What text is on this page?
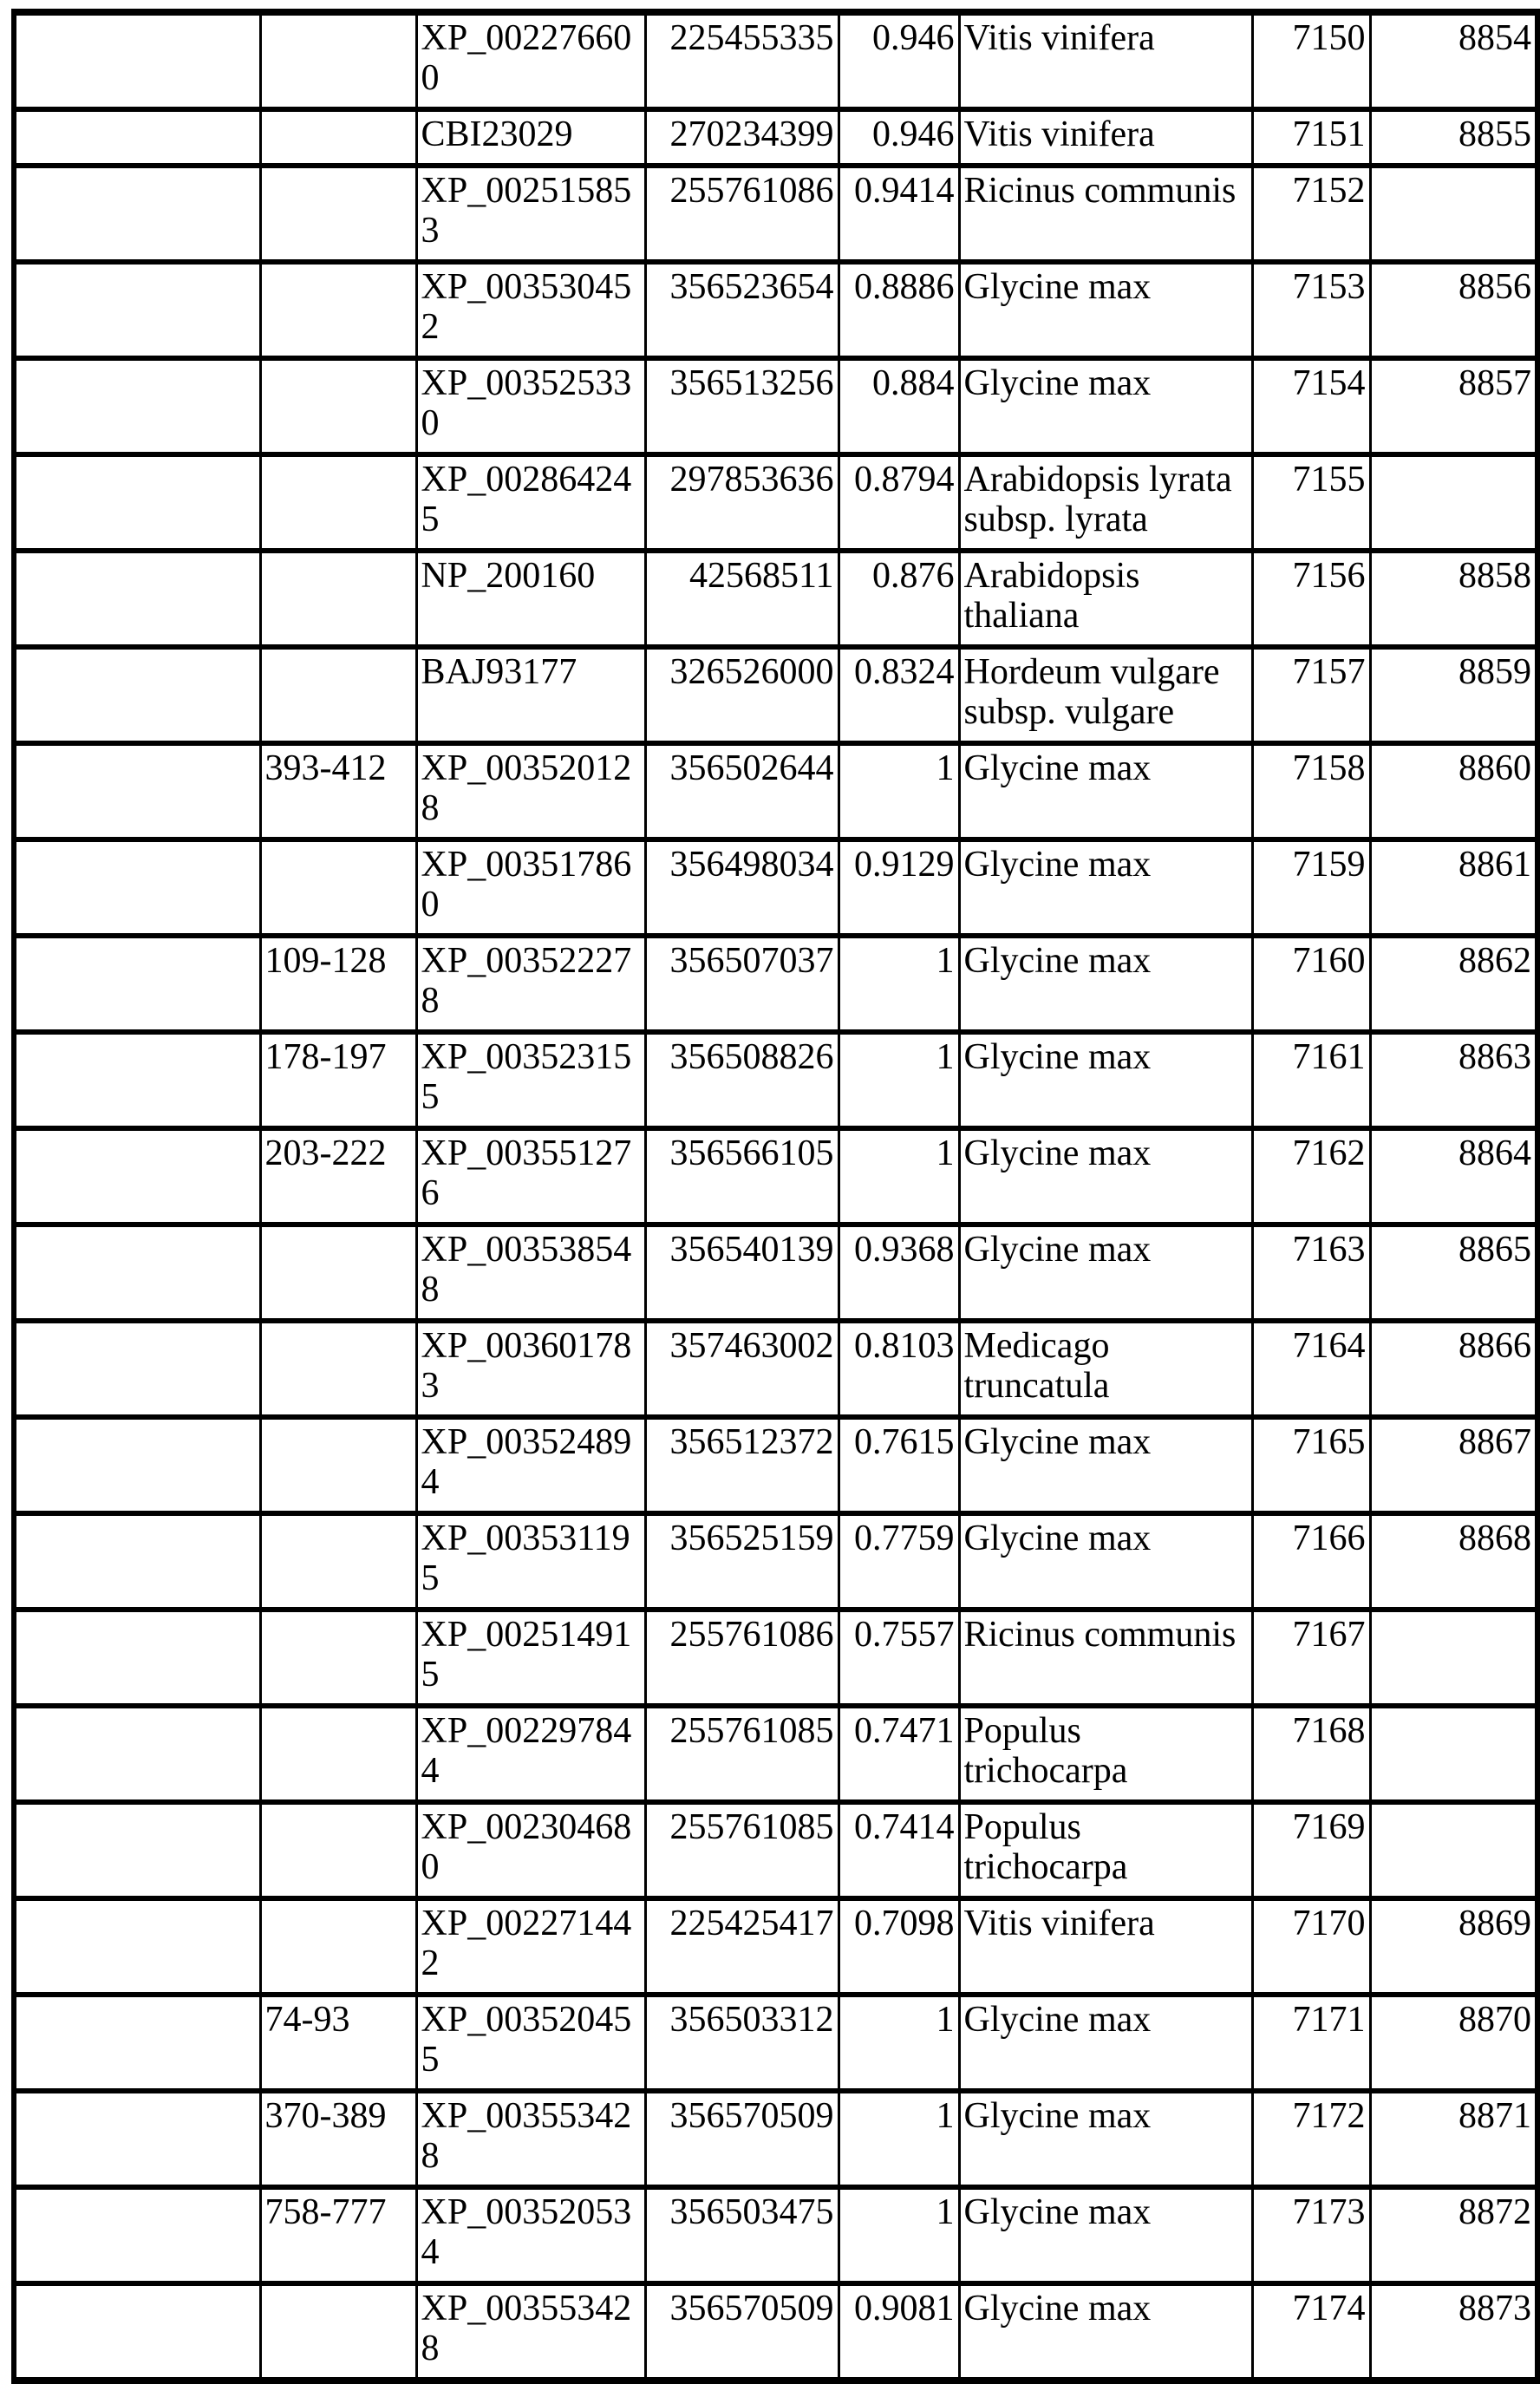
		XP_002276600	225455335	0.946	Vitis vinifera	7150	8854
		CBI23029	270234399	0.946	Vitis vinifera	7151	8855
		XP_002515853	255761086	0.9414	Ricinus communis	7152	
		XP_003530452	356523654	0.8886	Glycine max	7153	8856
		XP_003525330	356513256	0.884	Glycine max	7154	8857
		XP_002864245	297853636	0.8794	Arabidopsis lyrata subsp. lyrata	7155	
		NP_200160	42568511	0.876	Arabidopsis thaliana	7156	8858
		BAJ93177	326526000	0.8324	Hordeum vulgare subsp. vulgare	7157	8859
	393-412	XP_003520128	356502644	1	Glycine max	7158	8860
		XP_003517860	356498034	0.9129	Glycine max	7159	8861
	109-128	XP_003522278	356507037	1	Glycine max	7160	8862
	178-197	XP_003523155	356508826	1	Glycine max	7161	8863
	203-222	XP_003551276	356566105	1	Glycine max	7162	8864
		XP_003538548	356540139	0.9368	Glycine max	7163	8865
		XP_003601783	357463002	0.8103	Medicago truncatula	7164	8866
		XP_003524894	356512372	0.7615	Glycine max	7165	8867
		XP_003531195	356525159	0.7759	Glycine max	7166	8868
		XP_002514915	255761086	0.7557	Ricinus communis	7167	
		XP_002297844	255761085	0.7471	Populus trichocarpa	7168	
		XP_002304680	255761085	0.7414	Populus trichocarpa	7169	
		XP_002271442	225425417	0.7098	Vitis vinifera	7170	8869
	74-93	XP_003520455	356503312	1	Glycine max	7171	8870
	370-389	XP_003553428	356570509	1	Glycine max	7172	8871
	758-777	XP_003520534	356503475	1	Glycine max	7173	8872
		XP_003553428	356570509	0.9081	Glycine max	7174	8873
